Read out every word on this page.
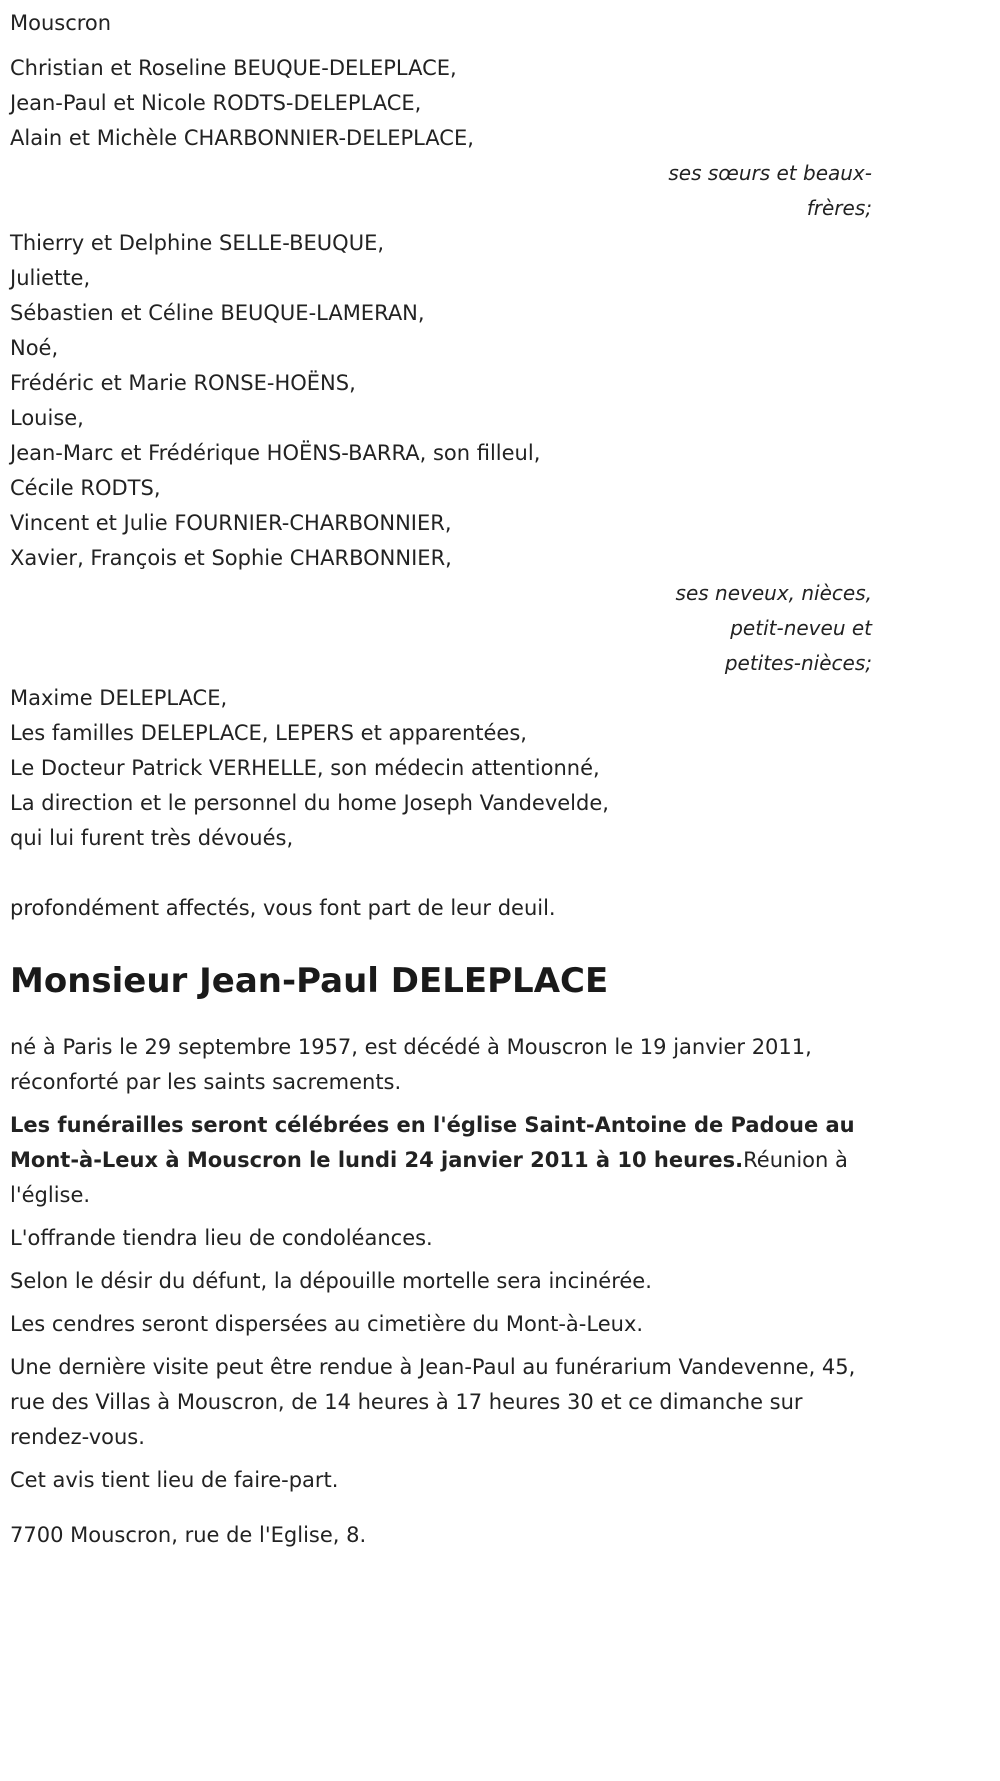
Mouscron
Christian et Roseline BEUQUE-DELEPLACE,
Jean-Paul et Nicole RODTS-DELEPLACE,
Alain et Michèle CHARBONNIER-DELEPLACE,
ses sœurs et beaux-
frères;
Thierry et Delphine SELLE-BEUQUE,
Juliette,
Sébastien et Céline BEUQUE-LAMERAN,
Noé,
Frédéric et Marie RONSE-HOËNS,
Louise,
Jean-Marc et Frédérique HOËNS-BARRA, son filleul,
Cécile RODTS,
Vincent et Julie FOURNIER-CHARBONNIER,
Xavier, François et Sophie CHARBONNIER,
ses neveux, nièces,
petit-neveu et
petites-nièces;
Maxime DELEPLACE,
Les familles DELEPLACE, LEPERS et apparentées,
Le Docteur Patrick VERHELLE, son médecin attentionné,
La direction et le personnel du home Joseph Vandevelde,
qui lui furent très dévoués,
profondément affectés, vous font part de leur deuil.
Monsieur Jean-Paul DELEPLACE

né à Paris le 29 septembre 1957, est décédé à Mouscron le 19 janvier 2011, réconforté par les saints sacrements.

Les funérailles seront célébrées en l'église Saint-Antoine de Padoue au Mont-à-Leux à Mouscron le lundi 24 janvier 2011 à 10 heures.Réunion à l'église.

L'offrande tiendra lieu de condoléances.

Selon le désir du défunt, la dépouille mortelle sera incinérée.

Les cendres seront dispersées au cimetière du Mont-à-Leux.

Une dernière visite peut être rendue à Jean-Paul au funérarium Vandevenne, 45, rue des Villas à Mouscron, de 14 heures à 17 heures 30 et ce dimanche sur rendez-vous.

Cet avis tient lieu de faire-part.

7700 Mouscron, rue de l'Eglise, 8.
